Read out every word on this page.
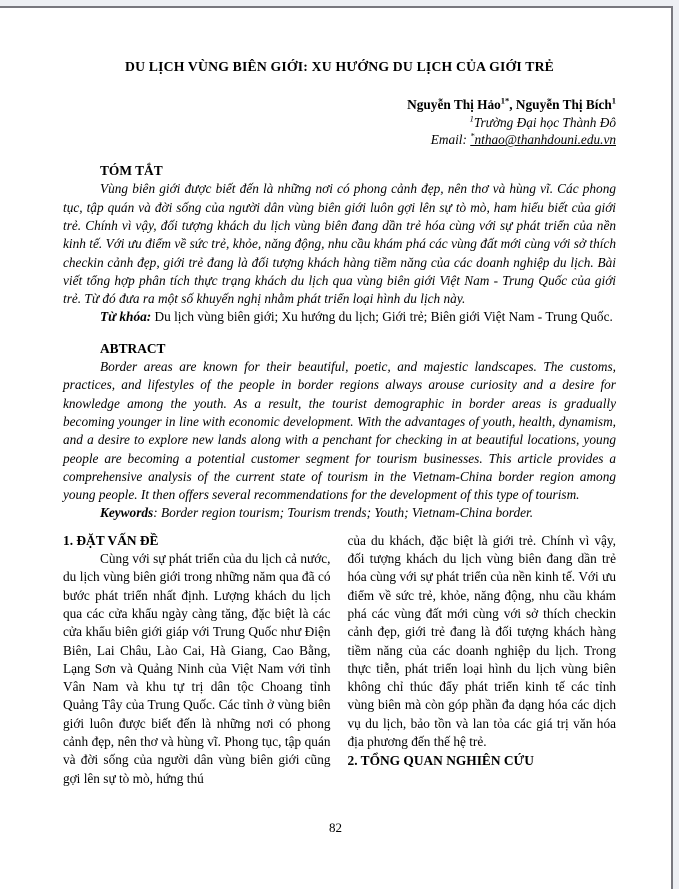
DU LỊCH VÙNG BIÊN GIỚI: XU HƯỚNG DU LỊCH CỦA GIỚI TRẺ
Nguyễn Thị Hảo$^{1*}$, Nguyễn Thị Bích$^1$
$^1$Trường Đại học Thành Đô
Email: *nthao@thanhdouni.edu.vn
TÓM TẮT

Vùng biên giới được biết đến là những nơi có phong cảnh đẹp, nên thơ và hùng vĩ. Các phong tục, tập quán và đời sống của người dân vùng biên giới luôn gợi lên sự tò mò, ham hiểu biết của giới trẻ. Chính vì vậy, đối tượng khách du lịch vùng biên đang dần trẻ hóa cùng với sự phát triển của nền kinh tế. Với ưu điểm về sức trẻ, khỏe, năng động, nhu cầu khám phá các vùng đất mới cùng với sở thích checkin cảnh đẹp, giới trẻ đang là đối tượng khách hàng tiềm năng của các doanh nghiệp du lịch. Bài viết tổng hợp phân tích thực trạng khách du lịch qua vùng biên giới Việt Nam - Trung Quốc của giới trẻ. Từ đó đưa ra một số khuyến nghị nhằm phát triển loại hình du lịch này.

Từ khóa: Du lịch vùng biên giới; Xu hướng du lịch; Giới trẻ; Biên giới Việt Nam - Trung Quốc.

ABTRACT

Border areas are known for their beautiful, poetic, and majestic landscapes. The customs, practices, and lifestyles of the people in border regions always arouse curiosity and a desire for knowledge among the youth. As a result, the tourist demographic in border areas is gradually becoming younger in line with economic development. With the advantages of youth, health, dynamism, and a desire to explore new lands along with a penchant for checking in at beautiful locations, young people are becoming a potential customer segment for tourism businesses. This article provides a comprehensive analysis of the current state of tourism in the Vietnam-China border region among young people. It then offers several recommendations for the development of this type of tourism.

Keywords: Border region tourism; Tourism trends; Youth; Vietnam-China border.

1. ĐẶT VẤN ĐỀ

Cùng với sự phát triển của du lịch cả nước, du lịch vùng biên giới trong những năm qua đã có bước phát triển nhất định. Lượng khách du lịch qua các cửa khẩu ngày càng tăng, đặc biệt là các cửa khẩu biên giới giáp với Trung Quốc như Điện Biên, Lai Châu, Lào Cai, Hà Giang, Cao Bằng, Lạng Sơn và Quảng Ninh của Việt Nam với tỉnh Vân Nam và khu tự trị dân tộc Choang tỉnh Quảng Tây của Trung Quốc. Các tỉnh ở vùng biên giới luôn được biết đến là những nơi có phong cảnh đẹp, nên thơ và hùng vĩ. Phong tục, tập quán và đời sống của người dân vùng biên giới cũng gợi lên sự tò mò, hứng thú

của du khách, đặc biệt là giới trẻ. Chính vì vậy, đối tượng khách du lịch vùng biên đang dần trẻ hóa cùng với sự phát triển của nền kinh tế. Với ưu điểm về sức trẻ, khỏe, năng động, nhu cầu khám phá các vùng đất mới cùng với sở thích checkin cảnh đẹp, giới trẻ đang là đối tượng khách hàng tiềm năng của các doanh nghiệp du lịch. Trong thực tiễn, phát triển loại hình du lịch vùng biên không chỉ thúc đẩy phát triển kinh tế các tỉnh vùng biên mà còn góp phần đa dạng hóa các dịch vụ du lịch, bảo tồn và lan tỏa các giá trị văn hóa địa phương đến thế hệ trẻ.

2. TỔNG QUAN NGHIÊN CỨU
82
